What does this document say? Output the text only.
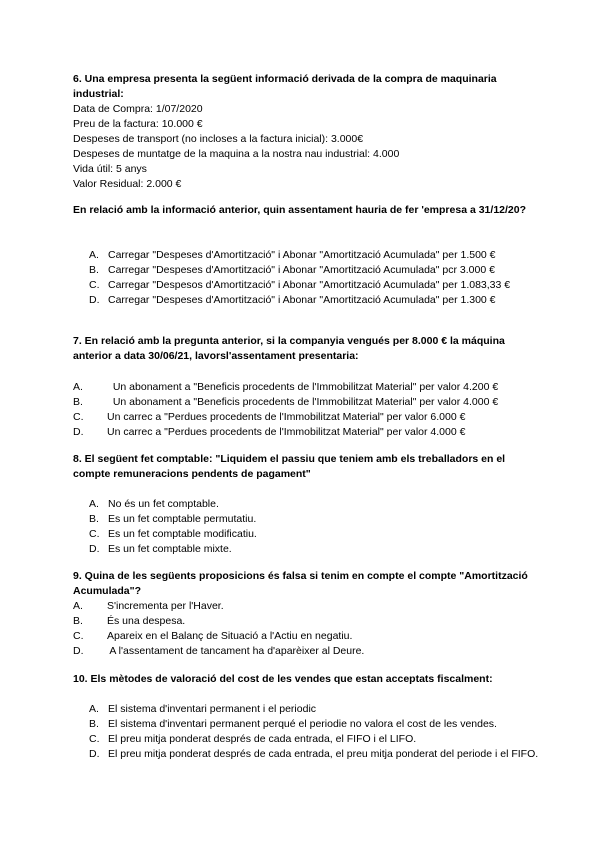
6. Una empresa presenta la següent informació derivada de la compra de maquinaria industrial:
Data de Compra: 1/07/2020
Preu de la factura: 10.000 €
Despeses de transport (no incloses a la factura inicial): 3.000€
Despeses de muntatge de la maquina a la nostra nau industrial: 4.000
Vida útil: 5 anys
Valor Residual: 2.000 €
En relació amb la informació anterior, quin assentament hauria de fer 'empresa a 31/12/20?
A. Carregar "Despeses d'Amortització" i Abonar "Amortització Acumulada" per 1.500 €
B. Carregar "Despeses d'Amortització" i Abonar "Amortització Acumulada" pcr 3.000 €
C. Carregar "Despesos d'Amortització" i Abonar "Amortització Acumulada" per 1.083,33 €
D. Carregar "Despeses d'Amortització" i Abonar "Amortització Acumulada" per 1.300 €
7. En relació amb la pregunta anterior, si la companyia vengués per 8.000 € la máquina anterior a data 30/06/21, lavorsl'assentament presentaria:
A.	Un abonament a "Beneficis procedents de l'Immobilitzat Material" per valor 4.200 €
B.	Un abonament a "Beneficis procedents de l'Immobilitzat Material" per valor 4.000 €
C.	Un carrec a "Perdues procedents de l'Immobilitzat Material" per valor 6.000 €
D.	Un carrec a "Perdues procedents de l'Immobilitzat Material" per valor 4.000 €
8. El següent fet comptable: "Liquidem el passiu que teniem amb els treballadors en el compte remuneracions pendents de pagament"
A. No és un fet comptable.
B. Es un fet comptable permutatiu.
C. Es un fet comptable modificatiu.
D. Es un fet comptable mixte.
9. Quina de les següents proposicions és falsa si tenim en compte el compte "Amortització Acumulada"?
A.	S'incrementa per l'Haver.
B.	És una despesa.
C.	Apareix en el Balanç de Situació a l'Actiu en negatiu.
D.	A l'assentament de tancament ha d'aparèixer al Deure.
10. Els mètodes de valoració del cost de les vendes que estan acceptats fiscalment:
A. El sistema d'inventari permanent i el periodic
B. El sistema d'inventari permanent perqué el periodie no valora el cost de les vendes.
C. El preu mitja ponderat després de cada entrada, el FIFO i el LIFO.
D. El preu mitja ponderat després de cada entrada, el preu mitja ponderat del periode i el FIFO.
